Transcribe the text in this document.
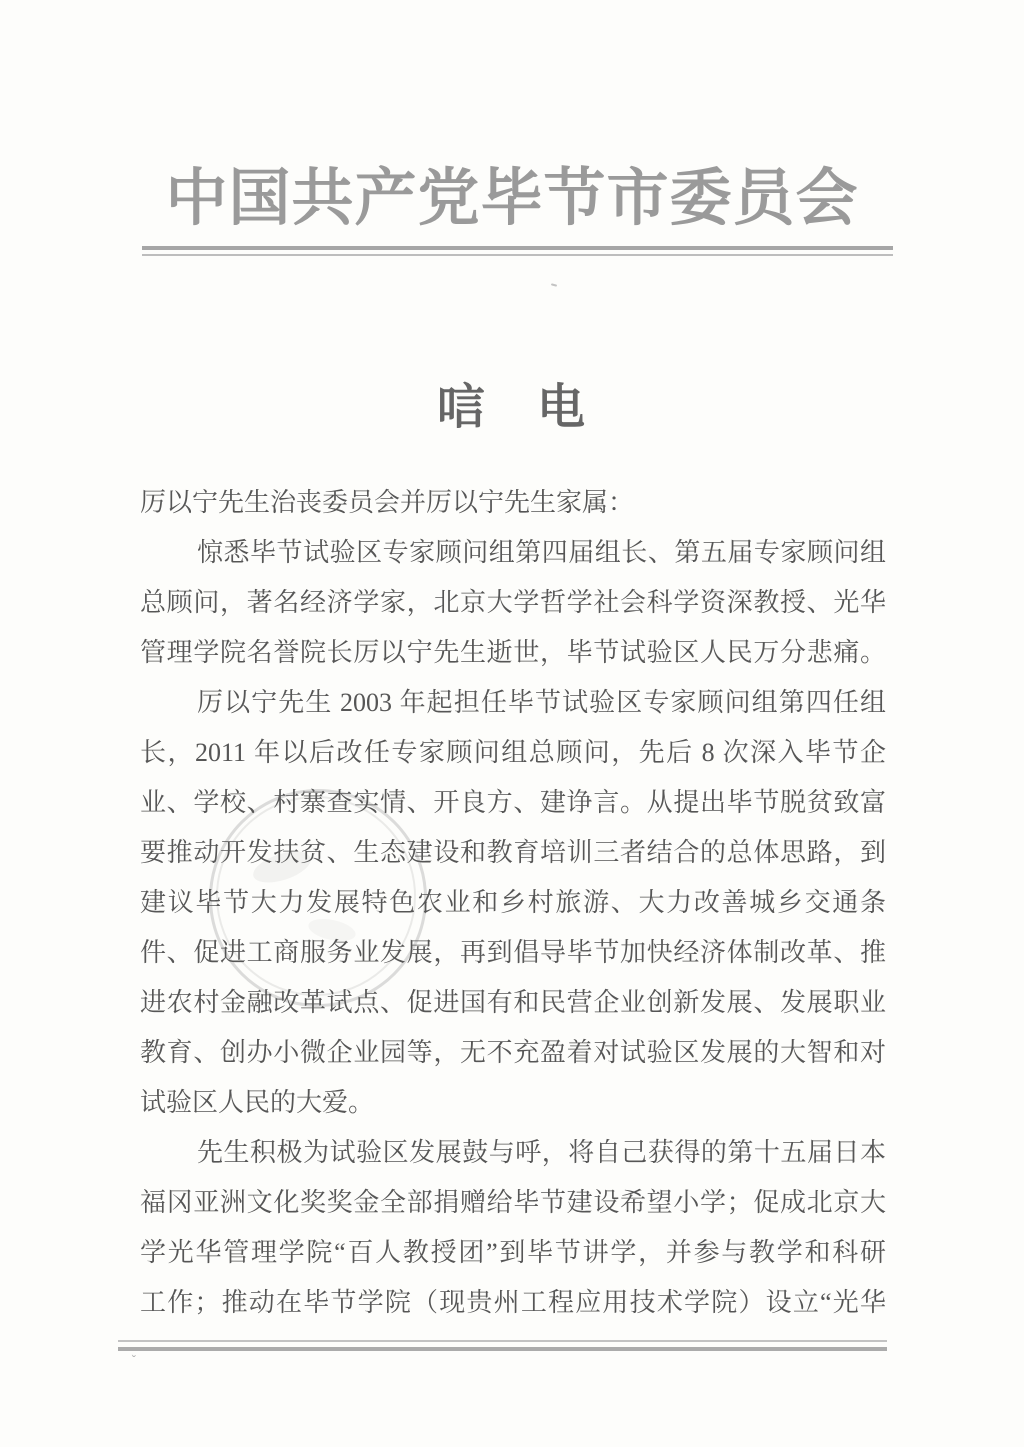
中国共产党毕节市委员会
唁　电
厉以宁先生治丧委员会并厉以宁先生家属：
惊悉毕节试验区专家顾问组第四届组长、第五届专家顾问组
总顾问，著名经济学家，北京大学哲学社会科学资深教授、光华
管理学院名誉院长厉以宁先生逝世，毕节试验区人民万分悲痛。
厉以宁先生 2003 年起担任毕节试验区专家顾问组第四任组
长，2011 年以后改任专家顾问组总顾问，先后 8 次深入毕节企
业、学校、村寨查实情、开良方、建诤言。从提出毕节脱贫致富
要推动开发扶贫、生态建设和教育培训三者结合的总体思路，到
建议毕节大力发展特色农业和乡村旅游、大力改善城乡交通条
件、促进工商服务业发展，再到倡导毕节加快经济体制改革、推
进农村金融改革试点、促进国有和民营企业创新发展、发展职业
教育、创办小微企业园等，无不充盈着对试验区发展的大智和对
试验区人民的大爱。
先生积极为试验区发展鼓与呼，将自己获得的第十五届日本
福冈亚洲文化奖奖金全部捐赠给毕节建设希望小学；促成北京大
学光华管理学院“百人教授团”到毕节讲学，并参与教学和科研
工作；推动在毕节学院（现贵州工程应用技术学院）设立“光华
ˇ
